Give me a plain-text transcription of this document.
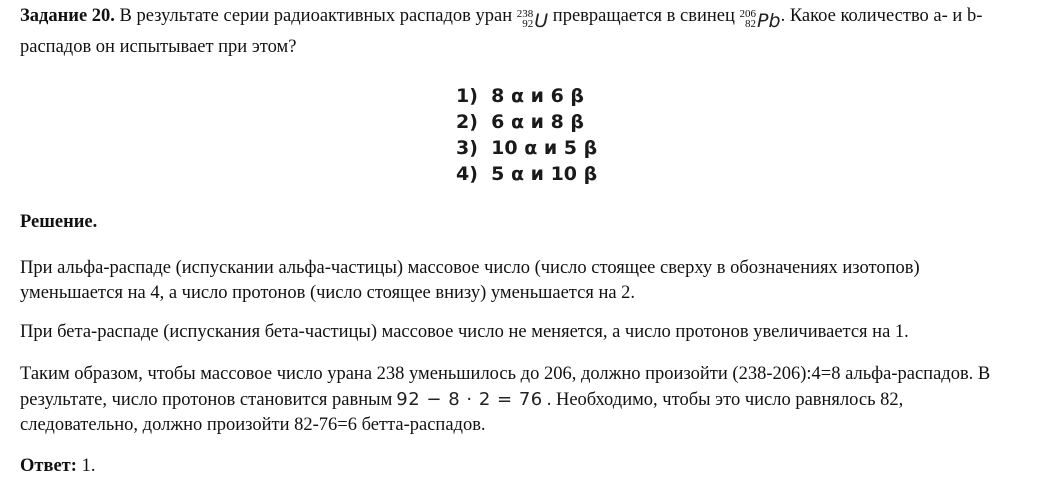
Задание 20. В результате серии радиоактивных распадов уран 238
92 U превращается в свинец 206
82 Pb. Какое количество а- и b-распадов он испытывает при этом?
1)  8 α и 6 β
2)  6 α и 8 β
3)  10 α и 5 β
4)  5 α и 10 β
Решение.
При альфа-распаде (испускании альфа-частицы) массовое число (число стоящее сверху в обозначениях изотопов) уменьшается на 4, а число протонов (число стоящее внизу) уменьшается на 2.
При бета-распаде (испускания бета-частицы) массовое число не меняется, а число протонов увеличивается на 1.
Таким образом, чтобы массовое число урана 238 уменьшилось до 206, должно произойти (238-206):4=8 альфа-распадов. В результате, число протонов становится равным 92 − 8 · 2 = 76 . Необходимо, чтобы это число равнялось 82, следовательно, должно произойти 82-76=6 бетта-распадов.
Ответ: 1.
